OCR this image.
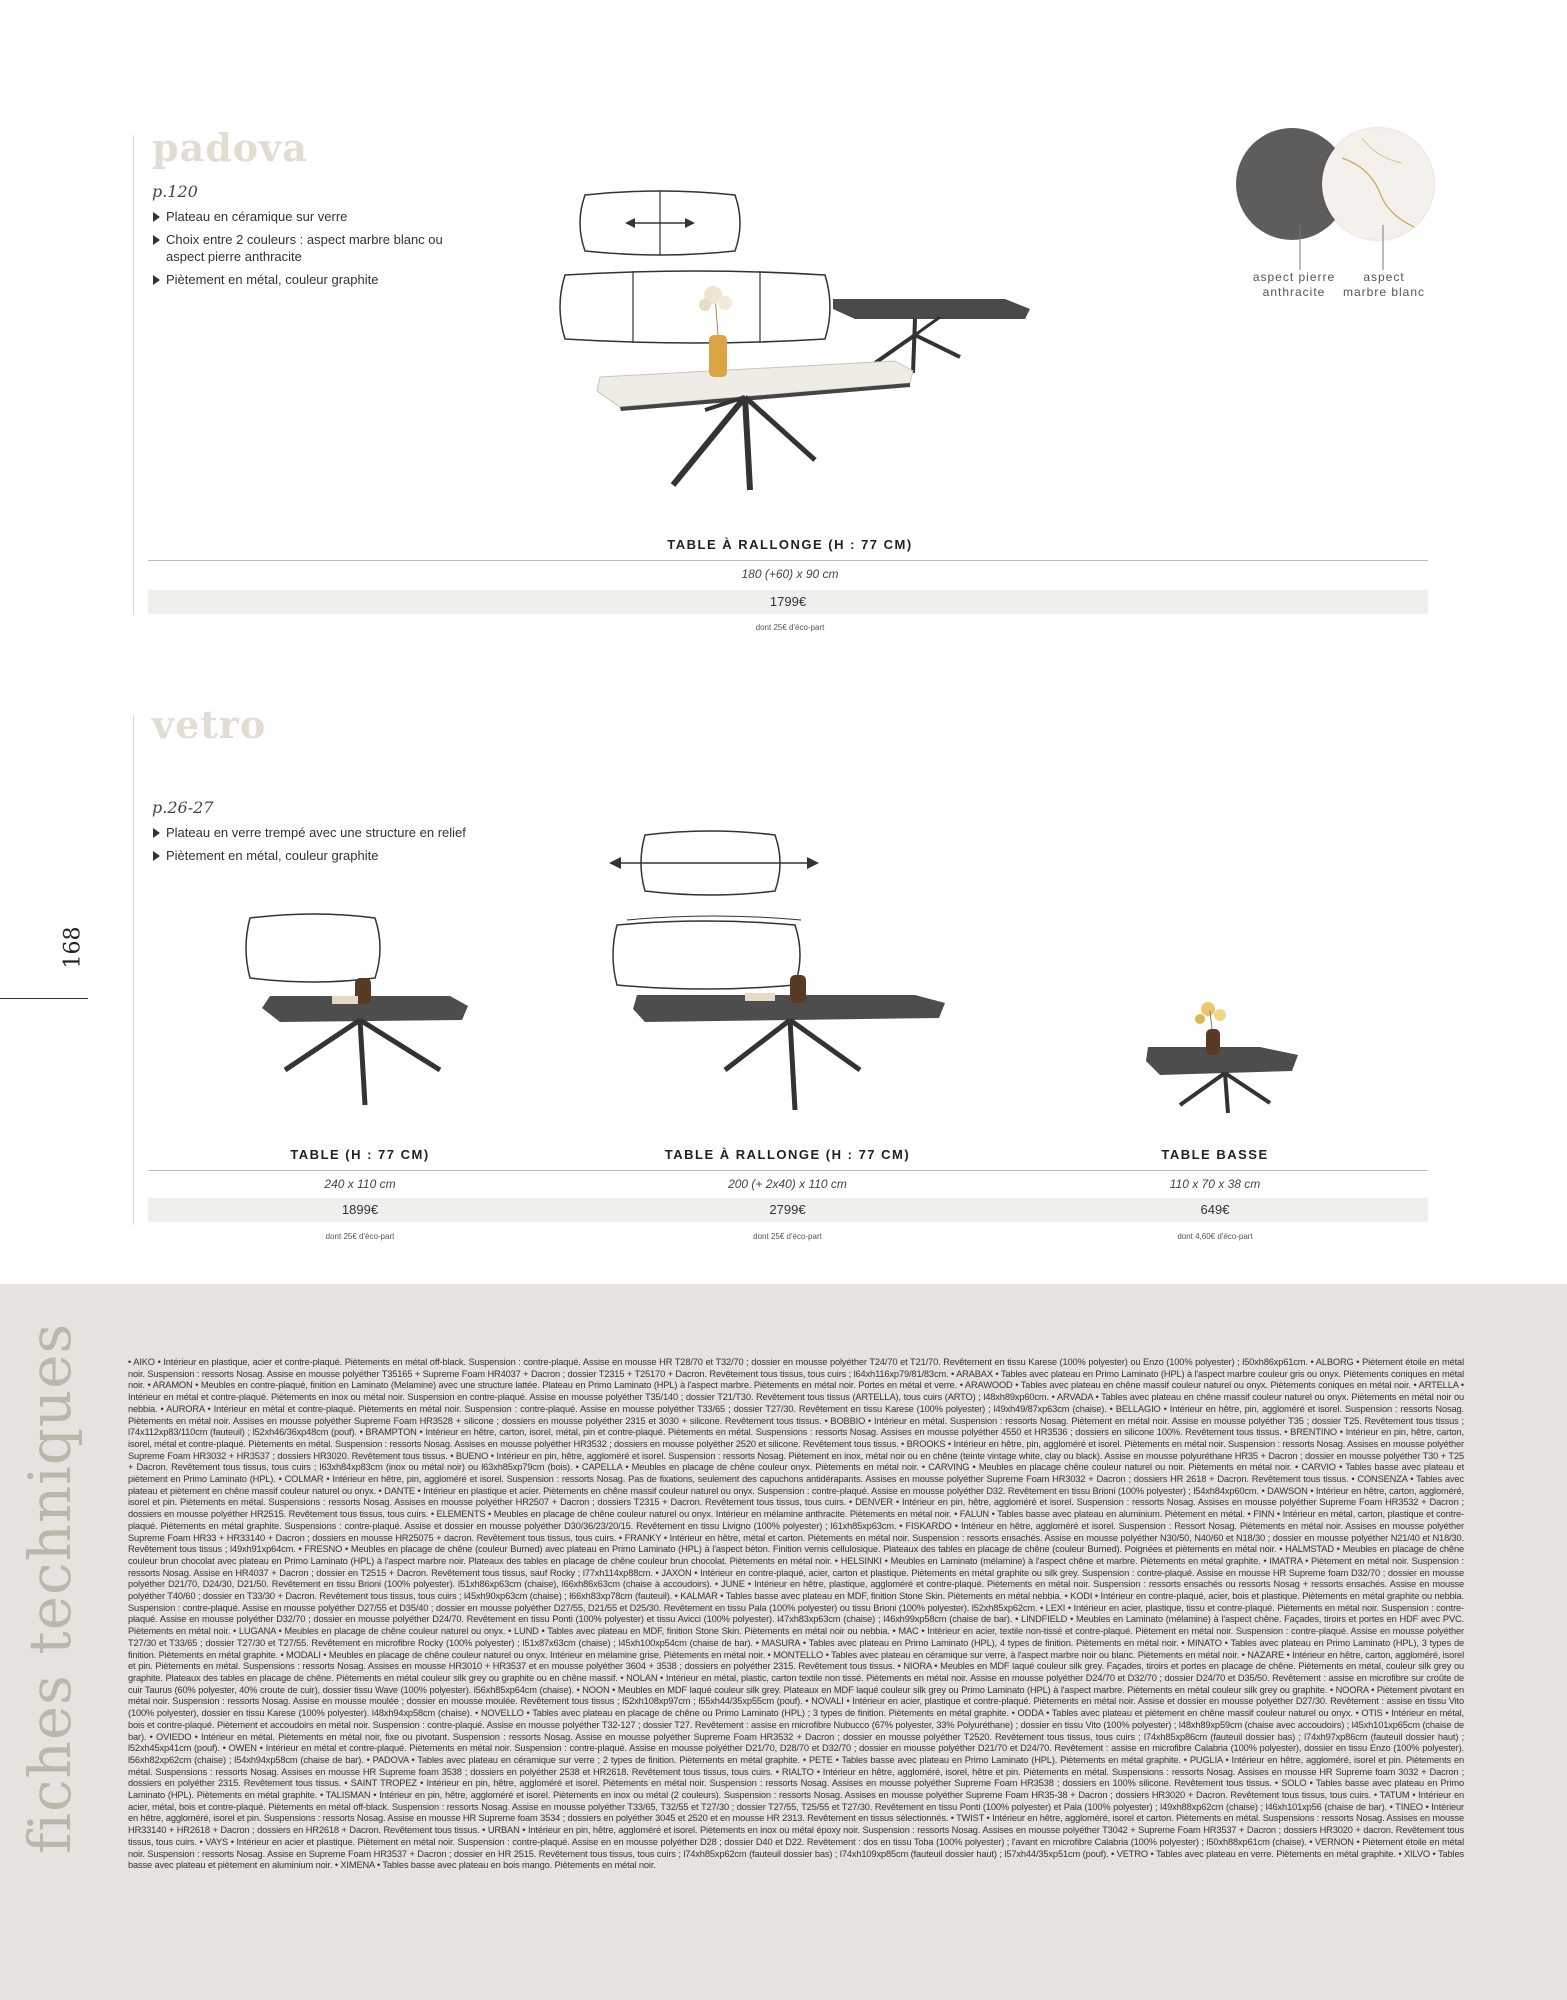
padova
p.120
Plateau en céramique sur verre
Choix entre 2 couleurs : aspect marbre blanc ou aspect pierre anthracite
Piètement en métal, couleur graphite	aspect pierre anthracite
aspect marbre blanc
TABLE À RALLONGE (H : 77 CM)
180 (+60) x 90 cm
1799€
dont 25€ d'éco-part
vetro
p.26-27
Plateau en verre trempé avec une structure en relief
Piètement en métal, couleur graphite
168
TABLE (H : 77 CM)	TABLE À RALLONGE (H : 77 CM)	TABLE BASSE
240 x 110 cm	200 (+ 2x40) x 110 cm	110 x 70 x 38 cm
1899€	2799€	649€
dont 25€ d'éco-part	dont 25€ d'éco-part	dont 4,60€ d'éco-part
fiches techniques	• AIKO • Intérieur en plastique, acier et contre-plaqué. Piètements en métal off-black. Suspension : contre-plaqué. Assise en mousse HR T28/70 et T32/70 ; dossier en mousse polyéther T24/70 et T21/70. Revêtement en tissu Karese (100% polyester) ou Enzo (100% polyester) ; l50xh86xp61cm. • ALBORG • Piètement étoile en métal noir. Suspension : ressorts Nosag. Assise en mousse polyéther T35165 + Supreme Foam HR4037 + Dacron ; dossier T2315 + T25170 + Dacron. Revêtement tous tissus, tous cuirs ; l64xh116xp79/81/83cm. • ARABAX • Tables avec plateau en Primo Laminato (HPL) à l'aspect marbre couleur gris ou onyx. Piètements coniques en métal noir. • ARAMON • Meubles en contre-plaqué, finition en Laminato (Melamine) avec une structure lattée. Plateau en Primo Laminato (HPL) à l'aspect marbre. Piètements en métal noir. Portes en métal et verre. • ARAWOOD • Tables avec plateau en chêne massif couleur naturel ou onyx. Piètements coniques en métal noir. • ARTELLA • Intérieur en métal et contre-plaqué. Piètements en inox ou métal noir. Suspension en contre-plaqué. Assise en mousse polyéther T35/140 ; dossier T21/T30. Revêtement tous tissus (ARTELLA), tous cuirs (ARTO) ; l48xh89xp60cm. • ARVADA • Tables avec plateau en chêne massif couleur naturel ou onyx. Piètements en métal noir ou nebbia. • AURORA • Intérieur en métal et contre-plaqué. Piètements en métal noir. Suspension : contre-plaqué. Assise en mousse polyéther T33/65 ; dossier T27/30. Revêtement en tissu Karese (100% polyester) ; l49xh49/87xp63cm (chaise). • BELLAGIO • Intérieur en hêtre, pin, aggloméré et isorel. Suspension : ressorts Nosag. Piètements en métal noir. Assises en mousse polyéther Supreme Foam HR3528 + silicone ; dossiers en mousse polyéther 2315 et 3030 + silicone. Revêtement tous tissus. • BOBBIO • Intérieur en métal. Suspension : ressorts Nosag. Piètement en métal noir. Assise en mousse polyéther T35 ; dossier T25. Revêtement tous tissus ; l74x112xp83/110cm (fauteuil) ; l52xh46/36xp48cm (pouf). • BRAMPTON • Intérieur en hêtre, carton, isorel, métal, pin et contre-plaqué. Piètements en métal. Suspensions : ressorts Nosag. Assises en mousse polyéther 4550 et HR3536 ; dossiers en silicone 100%. Revêtement tous tissus. • BRENTINO • Intérieur en pin, hêtre, carton, isorel, métal et contre-plaqué. Piètements en métal. Suspension : ressorts Nosag. Assises en mousse polyéther HR3532 ; dossiers en mousse polyéther 2520 et silicone. Revêtement tous tissus. • BROOKS • Intérieur en hêtre, pin, aggloméré et isorel. Piètements en métal noir. Suspension : ressorts Nosag. Assises en mousse polyéther Supreme Foam HR3032 + HR3537 ; dossiers HR3020. Revêtement tous tissus. • BUENO • Intérieur en pin, hêtre, aggloméré et isorel. Suspension : ressorts Nosag. Piètement en inox, métal noir ou en chêne (teinte vintage white, clay ou black). Assise en mousse polyuréthane HR35 + Dacron ; dossier en mousse polyéther T30 + T25 + Dacron. Revêtement tous tissus, tous cuirs ; l63xh84xp83cm (inox ou métal noir) ou l63xh85xp79cm (bois). • CAPELLA • Meubles en placage de chêne couleur onyx. Piètements en métal noir. • CARVING • Meubles en placage chêne couleur naturel ou noir. Piètements en métal noir. • CARVIO • Tables basse avec plateau et piètement en Primo Laminato (HPL). • COLMAR • Intérieur en hêtre, pin, aggloméré et isorel. Suspension : ressorts Nosag. Pas de fixations, seulement des capuchons antidérapants. Assises en mousse polyéther Supreme Foam HR3032 + Dacron ; dossiers HR 2618 + Dacron. Revêtement tous tissus. • CONSENZA • Tables avec plateau et piètement en chêne massif couleur naturel ou onyx. • DANTE • Intérieur en plastique et acier. Piètements en chêne massif couleur naturel ou onyx. Suspension : contre-plaqué. Assise en mousse polyéther D32. Revêtement en tissu Brioni (100% polyester) ; l54xh84xp60cm. • DAWSON • Intérieur en hêtre, carton, aggloméré, isorel et pin. Piètements en métal. Suspensions : ressorts Nosag. Assises en mousse polyéther HR2507 + Dacron ; dossiers T2315 + Dacron. Revêtement tous tissus, tous cuirs. • DENVER • Intérieur en pin, hêtre, aggloméré et isorel. Suspension : ressorts Nosag. Assises en mousse polyéther Supreme Foam HR3532 + Dacron ; dossiers en mousse polyéther HR2515. Revêtement tous tissus, tous cuirs. • ELEMENTS • Meubles en placage de chêne couleur naturel ou onyx. Intérieur en mélamine anthracite. Piètements en métal noir. • FALUN • Tables basse avec plateau en aluminium. Piètement en métal. • FINN • Intérieur en métal, carton, plastique et contre-plaqué. Piètements en métal graphite. Suspensions : contre-plaqué. Assise et dossier en mousse polyéther D30/36/23/20/15. Revêtement en tissu Livigno (100% polyester) ; l61xh85xp63cm. • FISKARDO • Intérieur en hêtre, aggloméré et isorel. Suspension : Ressort Nosag. Piètements en métal noir. Assises en mousse polyéther Supreme Foam HR33 + HR33140 + Dacron ; dossiers en mousse HR25075 + dacron. Revêtement tous tissus, tous cuirs. • FRANKY • Intérieur en hêtre, métal et carton. Piètements en métal noir. Suspension : ressorts ensachés. Assise en mousse polyéther N30/50, N40/60 et N18/30 ; dossier en mousse polyéther N21/40 et N18/30. Revêtement tous tissus ; l49xh91xp64cm. • FRESNO • Meubles en placage de chêne (couleur Burned) avec plateau en Primo Laminato (HPL) à l'aspect béton. Finition vernis cellulosique. Plateaux des tables en placage de chêne (couleur Burned). Poignées et piètements en métal noir. • HALMSTAD • Meubles en placage de chêne couleur brun chocolat avec plateau en Primo Laminato (HPL) à l'aspect marbre noir. Plateaux des tables en placage de chêne couleur brun chocolat. Piètements en métal noir. • HELSINKI • Meubles en Laminato (mélamine) à l'aspect chêne et marbre. Piètements en métal graphite. • IMATRA • Piètement en métal noir. Suspension : ressorts Nosag. Assise en HR4037 + Dacron ; dossier en T2515 + Dacron. Revêtement tous tissus, sauf Rocky ; l77xh114xp88cm. • JAXON • Intérieur en contre-plaqué, acier, carton et plastique. Piètements en métal graphite ou silk grey. Suspension : contre-plaqué. Assise en mousse HR Supreme foam D32/70 ; dossier en mousse polyéther D21/70, D24/30, D21/50. Revêtement en tissu Brioni (100% polyester). l51xh86xp63cm (chaise), l66xh86x63cm (chaise à accoudoirs). • JUNE • Intérieur en hêtre, plastique, aggloméré et contre-plaqué. Piètements en métal noir. Suspension : ressorts ensachés ou ressorts Nosag + ressorts ensachés. Assise en mousse polyéther T40/60 ; dossier en T33/30 + Dacron. Revêtement tous tissus, tous cuirs ; l45xh90xp63cm (chaise) ; l66xh83xp78cm (fauteuil). • KALMAR • Tables basse avec plateau en MDF, finition Stone Skin. Piètements en métal nebbia. • KODI • Intérieur en contre-plaqué, acier, bois et plastique. Piètements en métal graphite ou nebbia. Suspension : contre-plaqué. Assise en mousse polyéther D27/55 et D35/40 ; dossier en mousse polyéther D27/55, D21/55 et D25/30. Revêtement en tissu Pala (100% polyester) ou tissu Brioni (100% polyester). l52xh85xp62cm. • LEXI • Intérieur en acier, plastique, tissu et contre-plaqué. Piètements en métal noir. Suspension : contre-plaqué. Assise en mousse polyéther D32/70 ; dossier en mousse polyéther D24/70. Revêtement en tissu Ponti (100% polyester) et tissu Avicci (100% polyester). l47xh83xp63cm (chaise) ; l46xh99xp58cm (chaise de bar). • LINDFIELD • Meubles en Laminato (mélamine) à l'aspect chêne. Façades, tiroirs et portes en HDF avec PVC. Piètements en métal noir. • LUGANA • Meubles en placage de chêne couleur naturel ou onyx. • LUND • Tables avec plateau en MDF, finition Stone Skin. Piètements en métal noir ou nebbia. • MAC • Intérieur en acier, textile non-tissé et contre-plaqué. Piètement en métal noir. Suspension : contre-plaqué. Assise en mousse polyéther T27/30 et T33/65 ; dossier T27/30 et T27/55. Revêtement en microfibre Rocky (100% polyester) ; l51x87x63cm (chaise) ; l45xh100xp54cm (chaise de bar). • MASURA • Tables avec plateau en Primo Laminato (HPL), 4 types de finition. Piètements en métal noir. • MINATO • Tables avec plateau en Primo Laminato (HPL), 3 types de finition. Piètements en métal graphite. • MODALI • Meubles en placage de chêne couleur naturel ou onyx. Intérieur en mélamine grise. Piètements en métal noir. • MONTELLO • Tables avec plateau en céramique sur verre, à l'aspect marbre noir ou blanc. Piètements en métal noir. • NAZARE • Intérieur en hêtre, carton, aggloméré, isorel et pin. Piètements en métal. Suspensions : ressorts Nosag. Assises en mousse HR3010 + HR3537 et en mousse polyéther 3604 + 3538 ; dossiers en polyéther 2315. Revêtement tous tissus. • NIORA • Meubles en MDF laqué couleur silk grey. Façades, tiroirs et portes en placage de chêne. Piètements en métal, couleur silk grey ou graphite. Plateaux des tables en placage de chêne. Piètements en métal couleur silk grey ou graphite ou en chêne massif. • NOLAN • Intérieur en métal, plastic, carton textile non tissé. Piètements en métal noir. Assise en mousse polyéther D24/70 et D32/70 ; dossier D24/70 et D35/50. Revêtement : assise en microfibre sur croûte de cuir Taurus (60% polyester, 40% croute de cuir), dossier tissu Wave (100% polyester). l56xh85xp64cm (chaise). • NOON • Meubles en MDF laqué couleur silk grey. Plateaux en MDF laqué couleur silk grey ou Primo Laminato (HPL) à l'aspect marbre. Piètements en métal couleur silk grey ou graphite. • NOORA • Piètement pivotant en métal noir. Suspension : ressorts Nosag. Assise en mousse moulée ; dossier en mousse moulée. Revêtement tous tissus ; l52xh108xp97cm ; l55xh44/35xp55cm (pouf). • NOVALI • Intérieur en acier, plastique et contre-plaqué. Piètements en métal noir. Assise et dossier en mousse polyéther D27/30. Revêtement : assise en tissu Vito (100% polyester), dossier en tissu Karese (100% polyester). l48xh94xp58cm (chaise). • NOVELLO • Tables avec plateau en placage de chêne ou Primo Laminato (HPL) ; 3 types de finition. Piètements en métal graphite. • ODDA • Tables avec plateau et piètement en chêne massif couleur naturel ou onyx. • OTIS • Intérieur en métal, bois et contre-plaqué. Piètement et accoudoirs en métal noir. Suspension : contre-plaqué. Assise en mousse polyéther T32-127 ; dossier T27. Revêtement : assise en microfibre Nubucco (67% polyester, 33% Polyuréthane) ; dossier en tissu Vito (100% polyester) ; l48xh89xp59cm (chaise avec accoudoirs) ; l45xh101xp65cm (chaise de bar). • OVIEDO • Intérieur en métal. Piètements en métal noir, fixe ou pivotant. Suspension : ressorts Nosag. Assise en mousse polyéther Supreme Foam HR3532 + Dacron ; dossier en mousse polyéther T2520. Revêtement tous tissus, tous cuirs ; l74xh85xp86cm (fauteuil dossier bas) ; l74xh97xp86cm (fauteuil dossier haut) ; l52xh45xp41cm (pouf). • OWEN • Intérieur en métal et contre-plaqué. Piètements en métal noir. Suspension : contre-plaqué. Assise en mousse polyéther D21/70, D28/70 et D32/70 ; dossier en mousse polyéther D21/70 et D24/70. Revêtement : assise en microfibre Calabria (100% polyester), dossier en tissu Enzo (100% polyester). l56xh82xp62cm (chaise) ; l54xh94xp58cm (chaise de bar). • PADOVA • Tables avec plateau en céramique sur verre ; 2 types de finition. Piètements en métal graphite. • PETE • Tables basse avec plateau en Primo Laminato (HPL). Piètements en métal graphite. • PUGLIA • Intérieur en hêtre, aggloméré, isorel et pin. Piètements en métal. Suspensions : ressorts Nosag. Assises en mousse HR Supreme foam 3538 ; dossiers en polyéther 2538 et HR2618. Revêtement tous tissus, tous cuirs. • RIALTO • Intérieur en hêtre, aggloméré, isorel, hêtre et pin. Piètements en métal. Suspensions : ressorts Nosag. Assises en mousse HR Supreme foam 3032 + Dacron ; dossiers en polyéther 2315. Revêtement tous tissus. • SAINT TROPEZ • Intérieur en pin, hêtre, aggloméré et isorel. Piètements en métal noir. Suspension : ressorts Nosag. Assises en mousse polyéther Supreme Foam HR3538 ; dossiers en 100% silicone. Revêtement tous tissus. • SOLO • Tables basse avec plateau en Primo Laminato (HPL). Piètements en métal graphite. • TALISMAN • Intérieur en pin, hêtre, aggloméré et isorel. Piètements en inox ou métal (2 couleurs). Suspension : ressorts Nosag. Assises en mousse polyéther Supreme Foam HR35-38 + Dacron ; dossiers HR3020 + Dacron. Revêtement tous tissus, tous cuirs. • TATUM • Intérieur en acier, métal, bois et contre-plaqué. Piètements en métal off-black. Suspension : ressorts Nosag. Assise en mousse polyéther T33/65, T32/55 et T27/30 ; dossier T27/55, T25/55 et T27/30. Revêtement en tissu Ponti (100% polyester) et Pala (100% polyester) ; l49xh88xp62cm (chaise) ; l46xh101xp56 (chaise de bar). • TINEO • Intérieur en hêtre, aggloméré, isorel et pin. Suspensions : ressorts Nosag. Assise en mousse HR Supreme foam 3534 ; dossiers en polyéther 3045 et 2520 et en mousse HR 2313. Revêtement en tissus sélectionnés. • TWIST • Intérieur en hêtre, aggloméré, isorel et carton. Piètements en métal. Suspensions : ressorts Nosag. Assises en mousse HR33140 + HR2618 + Dacron ; dossiers en HR2618 + Dacron. Revêtement tous tissus. • URBAN • Intérieur en pin, hêtre, aggloméré et isorel. Piètements en inox ou métal époxy noir. Suspension : ressorts Nosag. Assises en mousse polyéther T3042 + Supreme Foam HR3537 + Dacron ; dossiers HR3020 + dacron. Revêtement tous tissus, tous cuirs. • VAYS • Intérieur en acier et plastique. Piètement en métal noir. Suspension : contre-plaqué. Assise en en mousse polyéther D28 ; dossier D40 et D22. Revêtement : dos en tissu Toba (100% polyester) ; l'avant en microfibre Calabria (100% polyester) ; l50xh88xp61cm (chaise). • VERNON • Piètement étoile en métal noir. Suspension : ressorts Nosag. Assise en Supreme Foam HR3537 + Dacron ; dossier en HR 2515. Revêtement tous tissus, tous cuirs ; l74xh85xp62cm (fauteuil dossier bas) ; l74xh109xp85cm (fauteuil dossier haut) ; l57xh44/35xp51cm (pouf). • VETRO • Tables avec plateau en verre. Piètements en métal graphite. • XILVO • Tables basse avec plateau et piètement en aluminium noir. • XIMENA • Tables basse avec plateau en bois mango. Piètements en métal noir.
